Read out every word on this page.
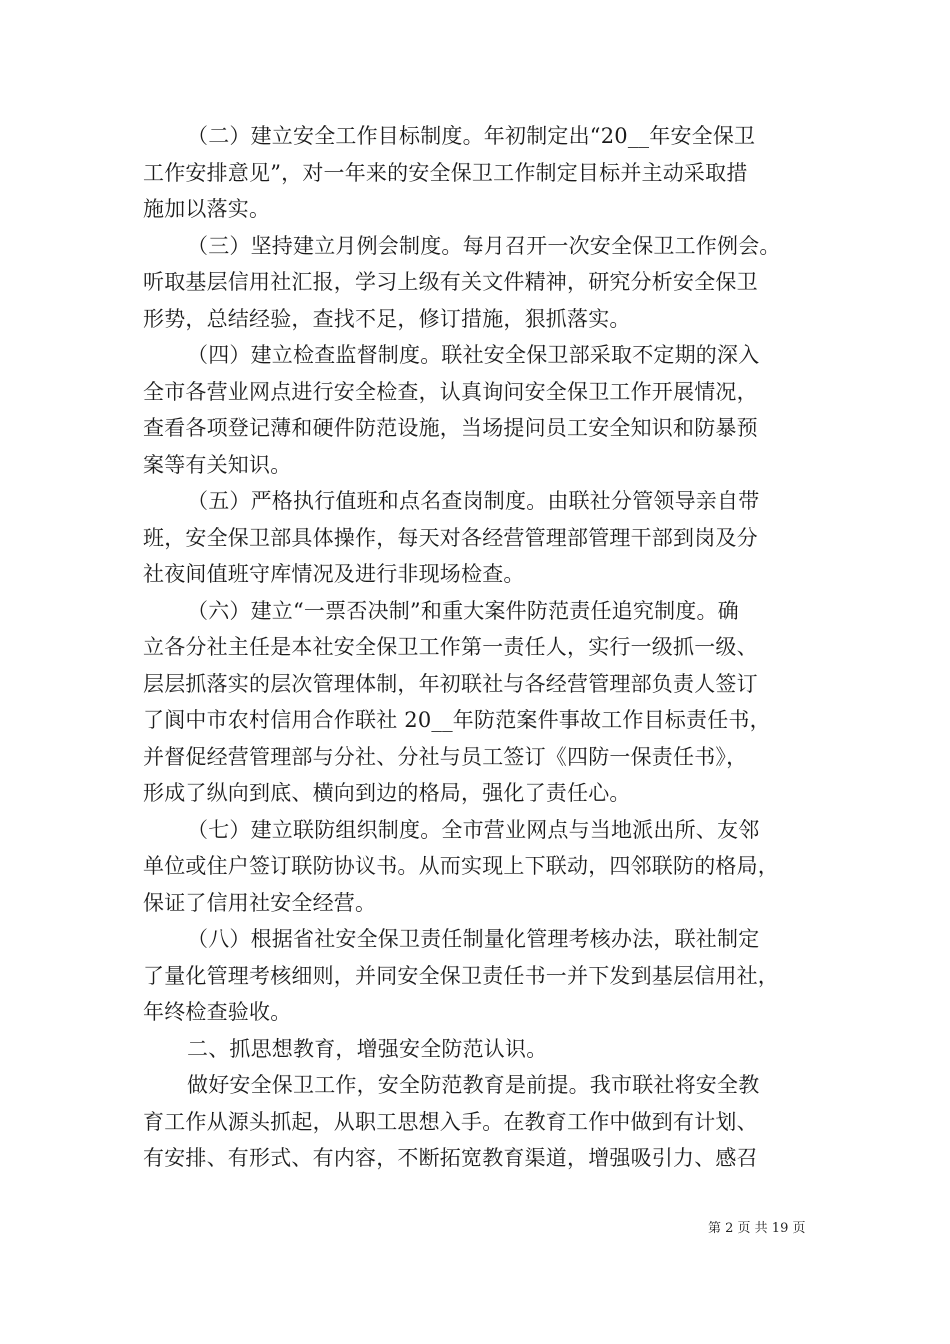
（二）建立安全工作目标制度。年初制定出“20__年安全保卫
工作安排意见”，对一年来的安全保卫工作制定目标并主动采取措
施加以落实。
（三）坚持建立月例会制度。每月召开一次安全保卫工作例会。
听取基层信用社汇报，学习上级有关文件精神，研究分析安全保卫
形势，总结经验，查找不足，修订措施，狠抓落实。
（四）建立检查监督制度。联社安全保卫部采取不定期的深入
全市各营业网点进行安全检查，认真询问安全保卫工作开展情况，
查看各项登记薄和硬件防范设施，当场提问员工安全知识和防暴预
案等有关知识。
（五）严格执行值班和点名查岗制度。由联社分管领导亲自带
班，安全保卫部具体操作，每天对各经营管理部管理干部到岗及分
社夜间值班守库情况及进行非现场检查。
（六）建立“一票否决制”和重大案件防范责任追究制度。确
立各分社主任是本社安全保卫工作第一责任人，实行一级抓一级、
层层抓落实的层次管理体制，年初联社与各经营管理部负责人签订
了阆中市农村信用合作联社 20__年防范案件事故工作目标责任书，
并督促经营管理部与分社、分社与员工签订《四防一保责任书》，
形成了纵向到底、横向到边的格局，强化了责任心。
（七）建立联防组织制度。全市营业网点与当地派出所、友邻
单位或住户签订联防协议书。从而实现上下联动，四邻联防的格局，
保证了信用社安全经营。
（八）根据省社安全保卫责任制量化管理考核办法，联社制定
了量化管理考核细则，并同安全保卫责任书一并下发到基层信用社，
年终检查验收。
二、抓思想教育，增强安全防范认识。
做好安全保卫工作，安全防范教育是前提。我市联社将安全教
育工作从源头抓起，从职工思想入手。在教育工作中做到有计划、
有安排、有形式、有内容，不断拓宽教育渠道，增强吸引力、感召
第 2 页 共 19 页
